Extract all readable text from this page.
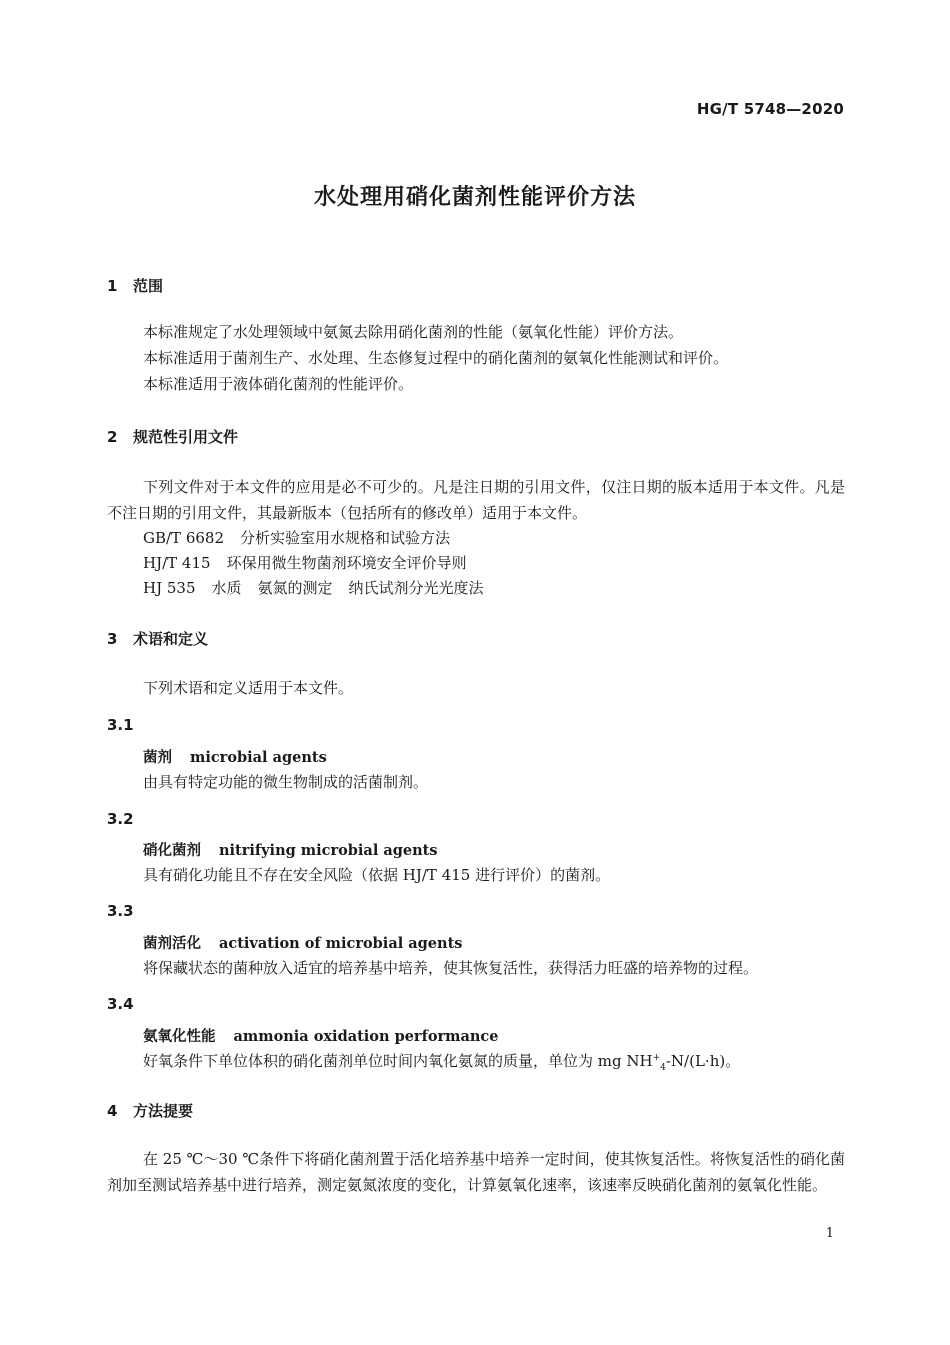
HG/T 5748—2020
水处理用硝化菌剂性能评价方法
1 范围
本标准规定了水处理领域中氨氮去除用硝化菌剂的性能（氨氧化性能）评价方法。
本标准适用于菌剂生产、水处理、生态修复过程中的硝化菌剂的氨氧化性能测试和评价。
本标准适用于液体硝化菌剂的性能评价。
2 规范性引用文件
下列文件对于本文件的应用是必不可少的。凡是注日期的引用文件，仅注日期的版本适用于本文件。凡是不注日期的引用文件，其最新版本（包括所有的修改单）适用于本文件。
GB/T 6682 分析实验室用水规格和试验方法
HJ/T 415 环保用微生物菌剂环境安全评价导则
HJ 535 水质 氨氮的测定 纳氏试剂分光光度法
3 术语和定义
下列术语和定义适用于本文件。
3.1
菌剂 microbial agents
由具有特定功能的微生物制成的活菌制剂。
3.2
硝化菌剂 nitrifying microbial agents
具有硝化功能且不存在安全风险（依据 HJ/T 415 进行评价）的菌剂。
3.3
菌剂活化 activation of microbial agents
将保藏状态的菌种放入适宜的培养基中培养，使其恢复活性，获得活力旺盛的培养物的过程。
3.4
氨氧化性能 ammonia oxidation performance
好氧条件下单位体积的硝化菌剂单位时间内氧化氨氮的质量，单位为 mg $NH^+_4-N/(L\cdot h)$。
4 方法提要
在 25 ℃～30 ℃条件下将硝化菌剂置于活化培养基中培养一定时间，使其恢复活性。将恢复活性的硝化菌剂加至测试培养基中进行培养，测定氨氮浓度的变化，计算氨氧化速率，该速率反映硝化菌剂的氨氧化性能。
1
